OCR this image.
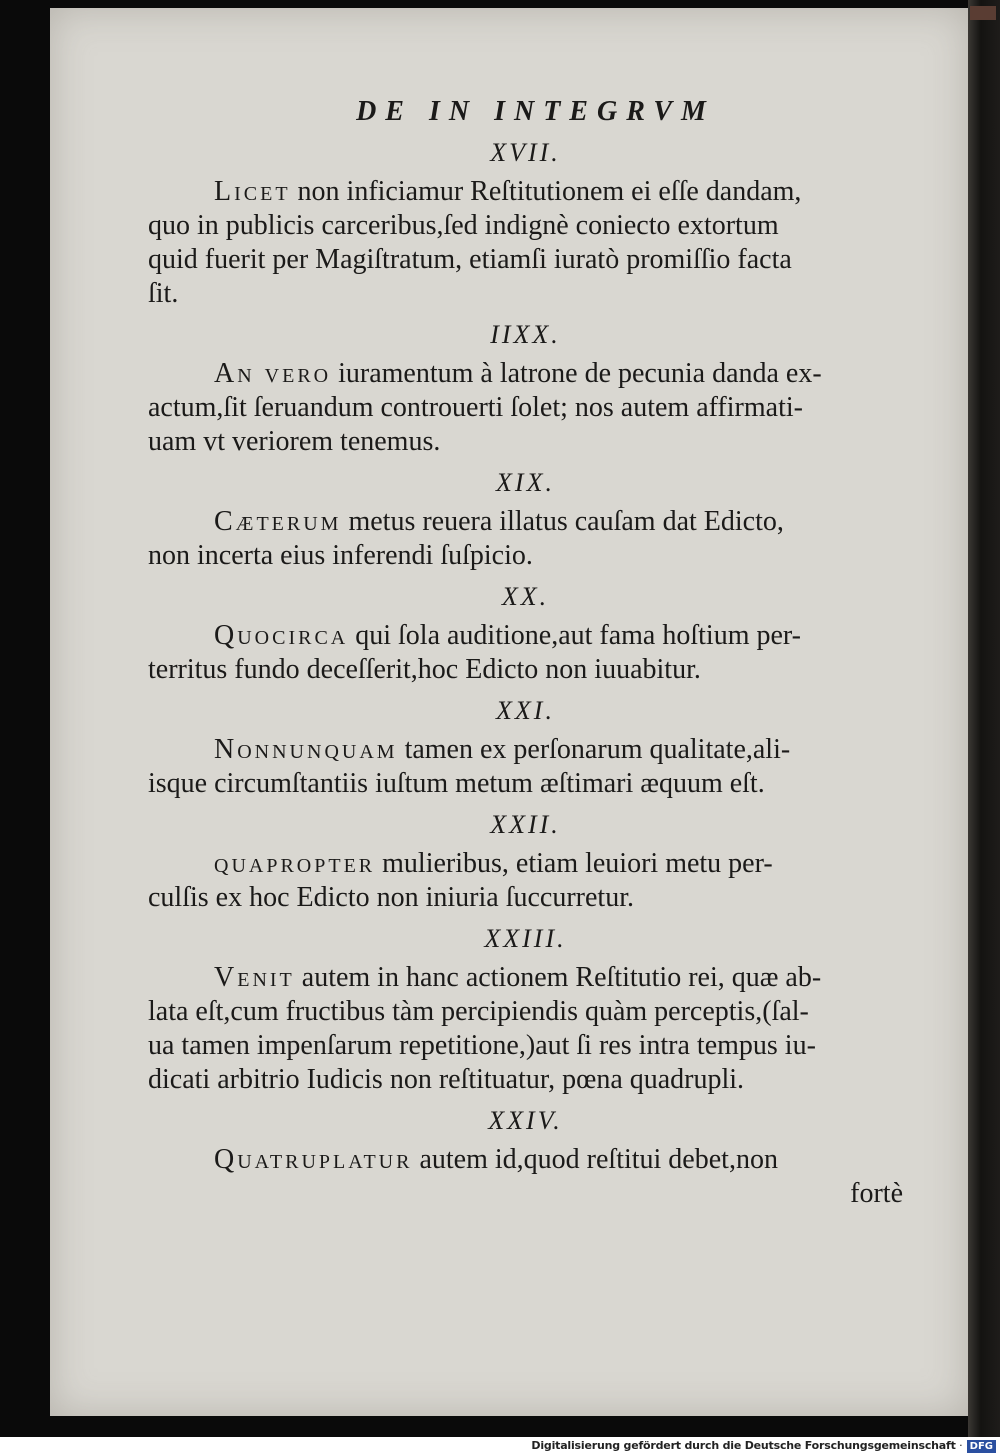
DE IN INTEGRVM
XVII.

Licet non inficiamur Reſtitutionem ei eſſe dandam,
quo in publicis carceribus,ſed indignè coniecto extortum
quid fuerit per Magiſtratum, etiamſi iuratò promiſſio facta
ſit.

IIXX.

An vero iuramentum à latrone de pecunia danda ex-
actum,ſit ſeruandum controuerti ſolet; nos autem affirmati-
uam vt veriorem tenemus.

XIX.

Cæterum metus reuera illatus cauſam dat Edicto,
non incerta eius inferendi ſuſpicio.

XX.

Quocirca qui ſola auditione,aut fama hoſtium per-
territus fundo deceſſerit,hoc Edicto non iuuabitur.

XXI.

Nonnunquam tamen ex perſonarum qualitate,ali-
isque circumſtantiis iuſtum metum æſtimari æquum eſt.

XXII.

quapropter mulieribus, etiam leuiori metu per-
culſis ex hoc Edicto non iniuria ſuccurretur.

XXIII.

Venit autem in hanc actionem Reſtitutio rei, quæ ab-
lata eſt,cum fructibus tàm percipiendis quàm perceptis,(ſal-
ua tamen impenſarum repetitione,)aut ſi res intra tempus iu-
dicati arbitrio Iudicis non reſtituatur, pœna quadrupli.

XXIV.

Quatruplatur autem id,quod reſtitui debet,non

fortè
Digitalisierung gefördert durch die Deutsche Forschungsgemeinschaft · DFG
